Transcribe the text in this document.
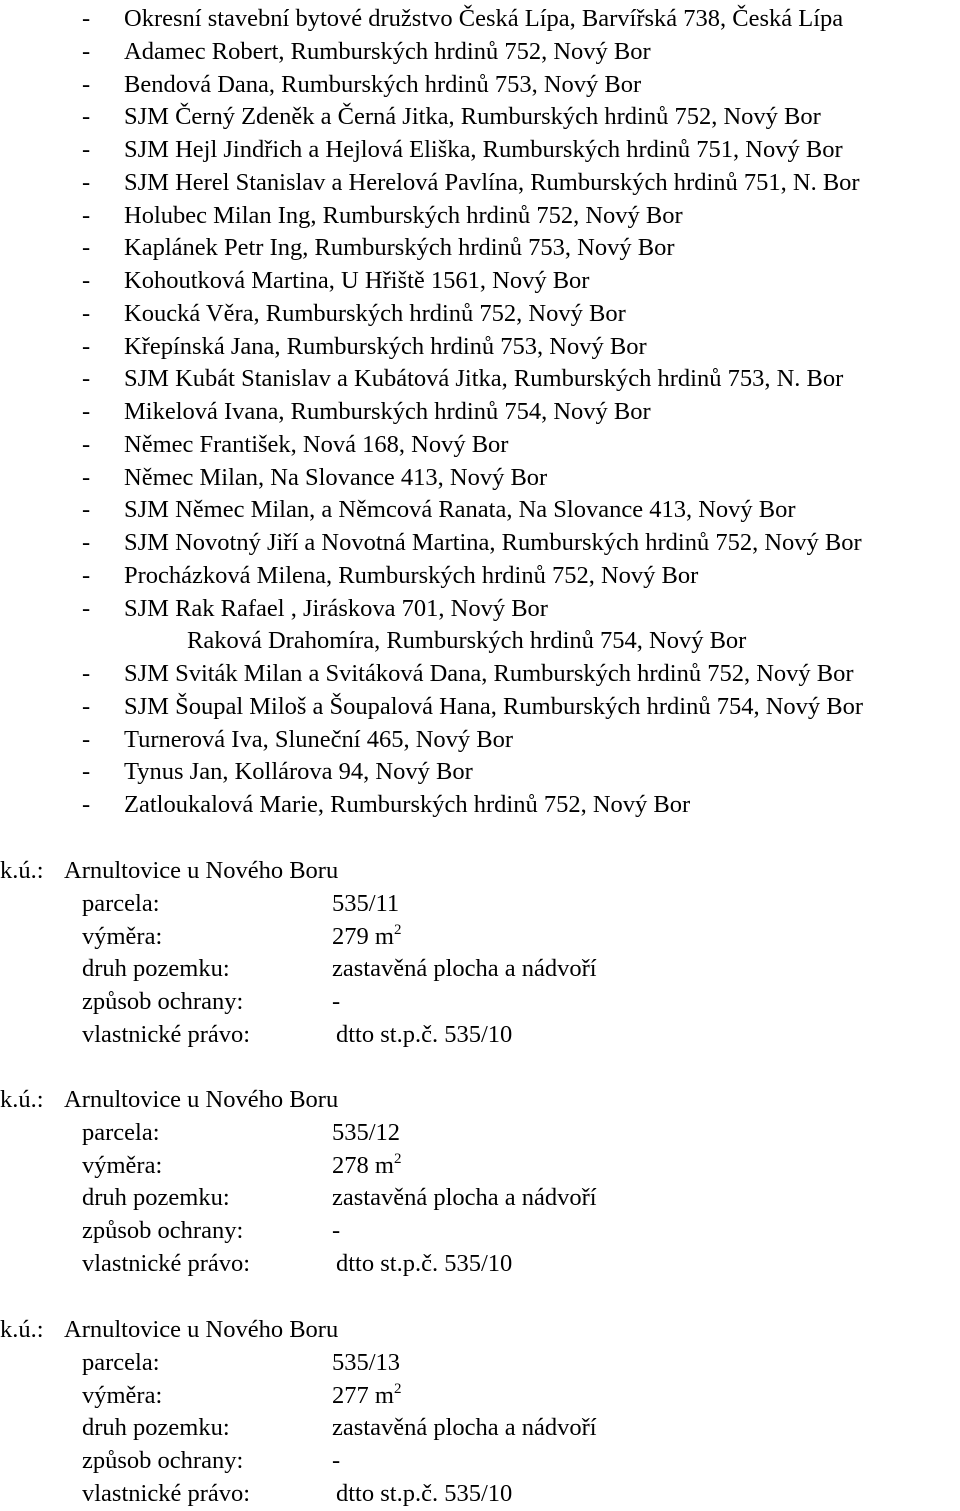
- Okresní stavební bytové družstvo Česká Lípa, Barvířská 738, Česká Lípa
- Adamec Robert, Rumburských hrdinů 752, Nový Bor
- Bendová Dana, Rumburských hrdinů 753, Nový Bor
- SJM Černý Zdeněk a Černá Jitka, Rumburských hrdinů 752, Nový Bor
- SJM Hejl Jindřich a Hejlová Eliška, Rumburských hrdinů 751, Nový Bor
- SJM Herel Stanislav a Herelová Pavlína, Rumburských hrdinů 751, N. Bor
- Holubec Milan Ing, Rumburských hrdinů 752, Nový Bor
- Kaplánek Petr Ing, Rumburských hrdinů 753, Nový Bor
- Kohoutková Martina, U Hřiště 1561, Nový Bor
- Koucká Věra, Rumburských hrdinů 752, Nový Bor
- Křepínská Jana, Rumburských hrdinů 753, Nový Bor
- SJM Kubát Stanislav a Kubátová Jitka, Rumburských hrdinů 753, N. Bor
- Mikelová Ivana, Rumburských hrdinů 754, Nový Bor
- Němec František, Nová 168, Nový Bor
- Němec Milan, Na Slovance 413, Nový Bor
- SJM Němec Milan, a Němcová Ranata, Na Slovance 413, Nový Bor
- SJM Novotný Jiří a Novotná Martina, Rumburských hrdinů 752, Nový Bor
- Procházková Milena, Rumburských hrdinů 752, Nový Bor
- SJM Rak Rafael , Jiráskova 701, Nový Bor
Raková Drahomíra, Rumburských hrdinů 754, Nový Bor
- SJM Sviták Milan a Svitáková Dana, Rumburských hrdinů 752, Nový Bor
- SJM Šoupal Miloš a Šoupalová Hana, Rumburských hrdinů 754, Nový Bor
- Turnerová Iva, Sluneční 465, Nový Bor
- Tynus Jan, Kollárova 94, Nový Bor
- Zatloukalová Marie, Rumburských hrdinů 752, Nový Bor
k.ú.: Arnultovice u Nového Boru
parcela:	535/11
výměra:	279 $m^2$
druh pozemku:	zastavěná plocha a nádvoří
způsob ochrany:	-
vlastnické právo:	dtto st.p.č. 535/10
k.ú.: Arnultovice u Nového Boru
parcela:	535/12
výměra:	278 $m^2$
druh pozemku:	zastavěná plocha a nádvoří
způsob ochrany:	-
vlastnické právo:	dtto st.p.č. 535/10
k.ú.: Arnultovice u Nového Boru
parcela:	535/13
výměra:	277 $m^2$
druh pozemku:	zastavěná plocha a nádvoří
způsob ochrany:	-
vlastnické právo:	dtto st.p.č. 535/10
